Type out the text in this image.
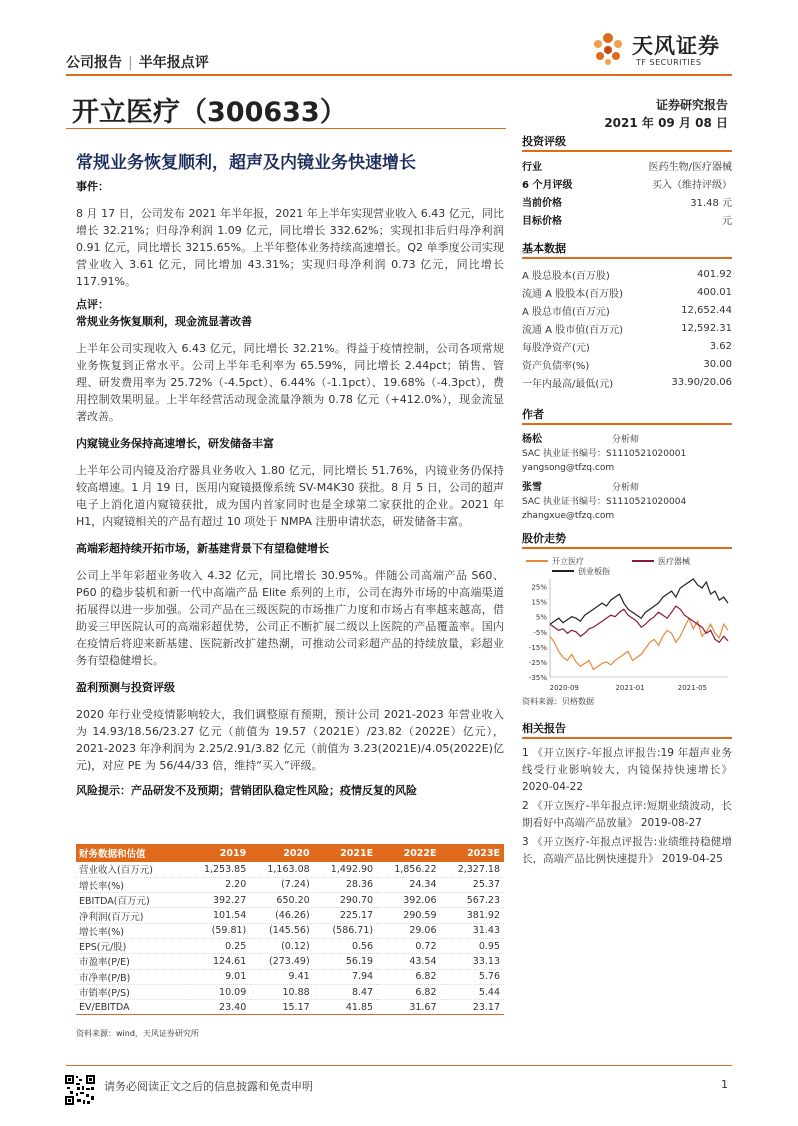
公司报告 | 半年报点评
天风证券
TF SECURITIES
开立医疗（300633）	证券研究报告
2021 年 09 月 08 日
常规业务恢复顺利，超声及内镜业务快速增长
事件：

8 月 17 日，公司发布 2021 年半年报，2021 年上半年实现营业收入 6.43 亿元，同比增长 32.21%；归母净利润 1.09 亿元，同比增长 332.62%；实现扣非后归母净利润 0.91 亿元，同比增长 3215.65%。上半年整体业务持续高速增长。Q2 单季度公司实现营业收入 3.61 亿元，同比增加 43.31%；实现归母净利润 0.73 亿元，同比增长 117.91%。

点评：
常规业务恢复顺利，现金流显著改善

上半年公司实现收入 6.43 亿元，同比增长 32.21%。得益于疫情控制，公司各项常规业务恢复到正常水平。公司上半年毛利率为 65.59%，同比增长 2.44pct；销售、管理、研发费用率为 25.72%（-4.5pct）、6.44%（-1.1pct）、19.68%（-4.3pct），费用控制效果明显。上半年经营活动现金流量净额为 0.78 亿元（+412.0%），现金流显著改善。

内窥镜业务保持高速增长，研发储备丰富

上半年公司内镜及治疗器具业务收入 1.80 亿元，同比增长 51.76%，内镜业务仍保持较高增速。1 月 19 日，医用内窥镜摄像系统 SV-M4K30 获批。8 月 5 日，公司的超声电子上消化道内窥镜获批，成为国内首家同时也是全球第二家获批的企业。2021 年 H1，内窥镜相关的产品有超过 10 项处于 NMPA 注册申请状态，研发储备丰富。

高端彩超持续开拓市场，新基建背景下有望稳健增长

公司上半年彩超业务收入 4.32 亿元，同比增长 30.95%。伴随公司高端产品 S60、P60 的稳步装机和新一代中高端产品 Elite 系列的上市，公司在海外市场的中高端渠道拓展得以进一步加强。公司产品在三级医院的市场推广力度和市场占有率越来越高，借助妥三甲医院认可的高端彩超优势，公司正不断扩展二级以上医院的产品覆盖率。国内在疫情后将迎来新基建、医院新改扩建热潮，可推动公司彩超产品的持续放量，彩超业务有望稳健增长。

盈利预测与投资评级

2020 年行业受疫情影响较大，我们调整原有预期，预计公司 2021-2023 年营业收入为 14.93/18.56/23.27 亿元（前值为 19.57（2021E）/23.82（2022E）亿元），2021-2023 年净利润为 2.25/2.91/3.82 亿元（前值为 3.23(2021E)/4.05(2022E)亿元)，对应 PE 为 56/44/33 倍，维持“买入”评级。

风险提示：产品研发不及预期；营销团队稳定性风险；疫情反复的风险
财务数据和估值	2019	2020	2021E	2022E	2023E
营业收入(百万元)	1,253.85	1,163.08	1,492.90	1,856.22	2,327.18
增长率(%)	2.20	(7.24)	28.36	24.34	25.37
EBITDA(百万元)	392.27	650.20	290.70	392.06	567.23
净利润(百万元)	101.54	(46.26)	225.17	290.59	381.92
增长率(%)	(59.81)	(145.56)	(586.71)	29.06	31.43
EPS(元/股)	0.25	(0.12)	0.56	0.72	0.95
市盈率(P/E)	124.61	(273.49)	56.19	43.54	33.13
市净率(P/B)	9.01	9.41	7.94	6.82	5.76
市销率(P/S)	10.09	10.88	8.47	6.82	5.44
EV/EBITDA	23.40	15.17	41.85	31.67	23.17
资料来源：wind，天风证券研究所
投资评级
行业	医药生物/医疗器械
6 个月评级	买入（维持评级）
当前价格	31.48 元
目标价格	元
基本数据
A 股总股本(百万股)	401.92
流通 A 股股本(百万股)	400.01
A 股总市值(百万元)	12,652.44
流通 A 股市值(百万元)	12,592.31
每股净资产(元)	3.62
资产负债率(%)	30.00
一年内最高/最低(元)	33.90/20.06
作者
杨松	分析师
SAC 执业证书编号：S1110521020001
yangsong@tfzq.com
张雪	分析师
SAC 执业证书编号：S1110521020004
zhangxue@tfzq.com
股价走势
开立医疗	医疗器械
创业板指
25%
15%
5%
-5%
-15%
-25%
-35%
2020-09	2021-01	2021-05
资料来源：贝格数据
相关报告
1 《开立医疗-年报点评报告:19 年超声业务线受行业影响较大，内镜保持快速增长》 2020-04-22
2 《开立医疗-半年报点评:短期业绩波动，长期看好中高端产品放量》 2019-08-27
3 《开立医疗-年报点评报告:业绩维持稳健增长，高端产品比例快速提升》 2019-04-25
请务必阅读正文之后的信息披露和免责申明	1
